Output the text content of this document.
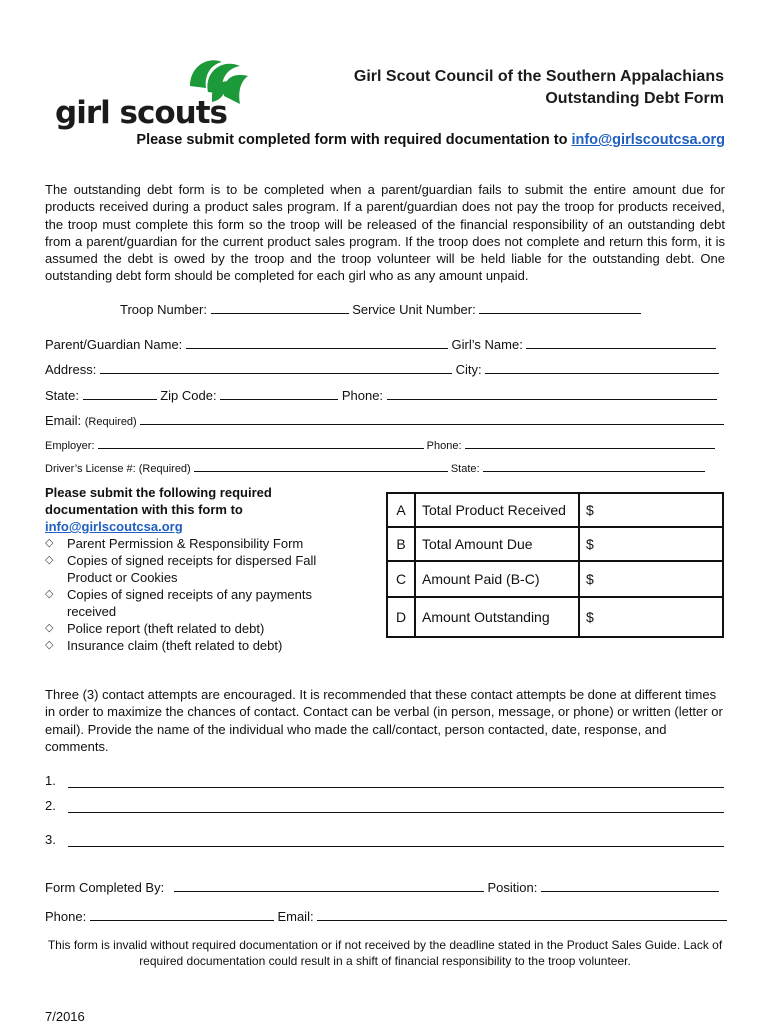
girl scouts
Girl Scout Council of the Southern Appalachians
Outstanding Debt Form
Please submit completed form with required documentation to info@girlscoutcsa.org
The outstanding debt form is to be completed when a parent/guardian fails to submit the entire amount due for products received during a product sales program. If a parent/guardian does not pay the troop for products received, the troop must complete this form so the troop will be released of the financial responsibility of an outstanding debt from a parent/guardian for the current product sales program. If the troop does not complete and return this form, it is assumed the debt is owed by the troop and the troop volunteer will be held liable for the outstanding debt. One outstanding debt form should be completed for each girl who as any amount unpaid.
Troop Number:	Service Unit Number:
Parent/Guardian Name:	Girl’s Name:
Address:	City:
State:	Zip Code:	Phone:
Email: (Required)
Employer:	Phone:
Driver’s License #: (Required)	State:
Please submit the following required documentation with this form to info@girlscoutcsa.org
◇ Parent Permission & Responsibility Form
◇ Copies of signed receipts for dispersed Fall Product or Cookies
◇ Copies of signed receipts of any payments received
◇ Police report (theft related to debt)
◇ Insurance claim (theft related to debt)
A	Total Product Received	$
B	Total Amount Due	$
C	Amount Paid (B-C)	$
D	Amount Outstanding	$
Three (3) contact attempts are encouraged. It is recommended that these contact attempts be done at different times in order to maximize the chances of contact. Contact can be verbal (in person, message, or phone) or written (letter or email). Provide the name of the individual who made the call/contact, person contacted, date, response, and comments.
1.
2.
3.
Form Completed By:	Position:
Phone:	Email:
This form is invalid without required documentation or if not received by the deadline stated in the Product Sales Guide. Lack of required documentation could result in a shift of financial responsibility to the troop volunteer.
7/2016
